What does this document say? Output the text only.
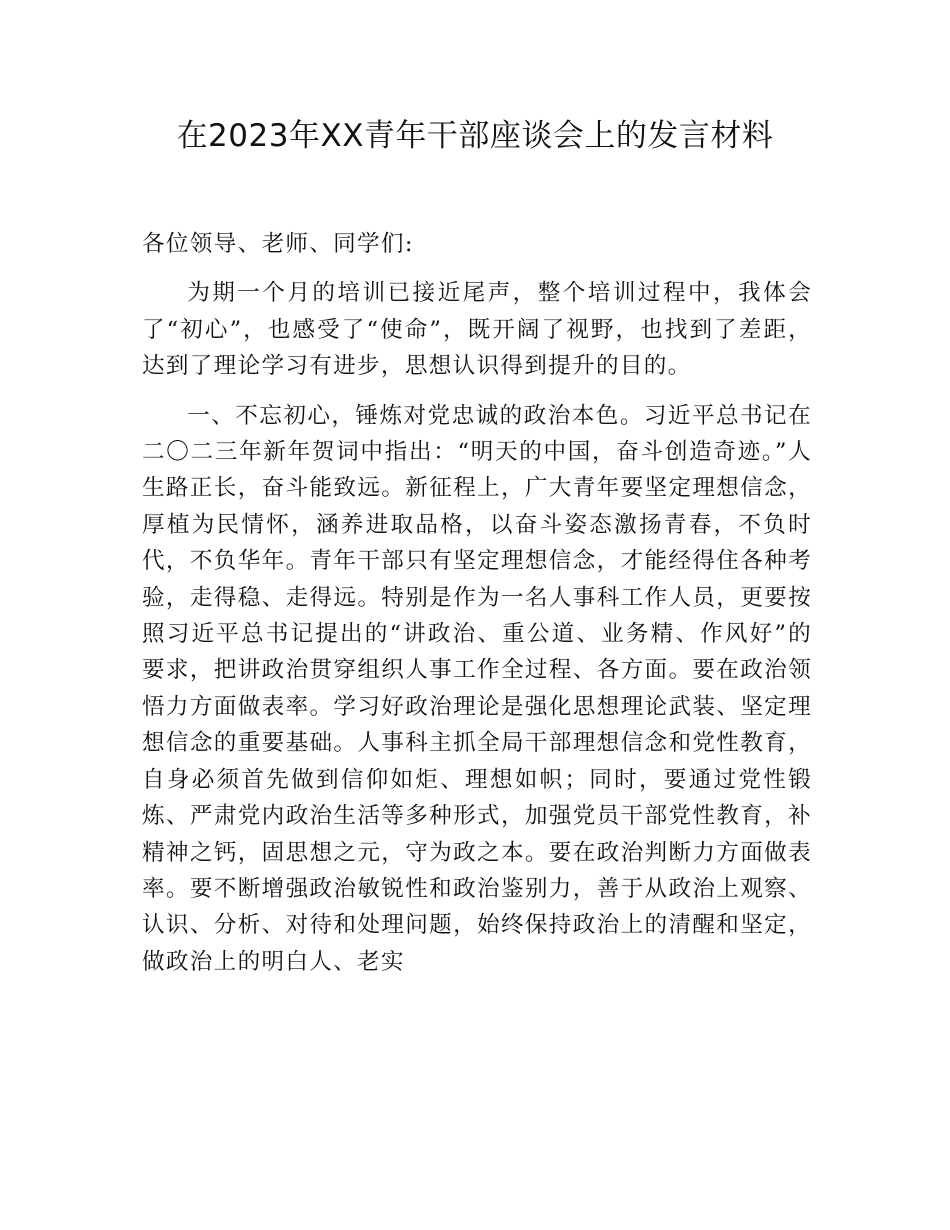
在2023年XX青年干部座谈会上的发言材料

各位领导、老师、同学们:

为期一个月的培训已接近尾声，整个培训过程中，我体会了“初心”，也感受了“使命”，既开阔了视野，也找到了差距，达到了理论学习有进步，思想认识得到提升的目的。

一、不忘初心，锤炼对党忠诚的政治本色。习近平总书记在二〇二三年新年贺词中指出：“明天的中国，奋斗创造奇迹。”人生路正长，奋斗能致远。新征程上，广大青年要坚定理想信念，厚植为民情怀，涵养进取品格，以奋斗姿态激扬青春，不负时代，不负华年。青年干部只有坚定理想信念，才能经得住各种考验，走得稳、走得远。特别是作为一名人事科工作人员，更要按照习近平总书记提出的“讲政治、重公道、业务精、作风好”的要求，把讲政治贯穿组织人事工作全过程、各方面。要在政治领悟力方面做表率。学习好政治理论是强化思想理论武装、坚定理想信念的重要基础。人事科主抓全局干部理想信念和党性教育，自身必须首先做到信仰如炬、理想如帜；同时，要通过党性锻炼、严肃党内政治生活等多种形式，加强党员干部党性教育，补精神之钙，固思想之元，守为政之本。要在政治判断力方面做表率。要不断增强政治敏锐性和政治鉴别力，善于从政治上观察、认识、分析、对待和处理问题，始终保持政治上的清醒和坚定，做政治上的明白人、老实
